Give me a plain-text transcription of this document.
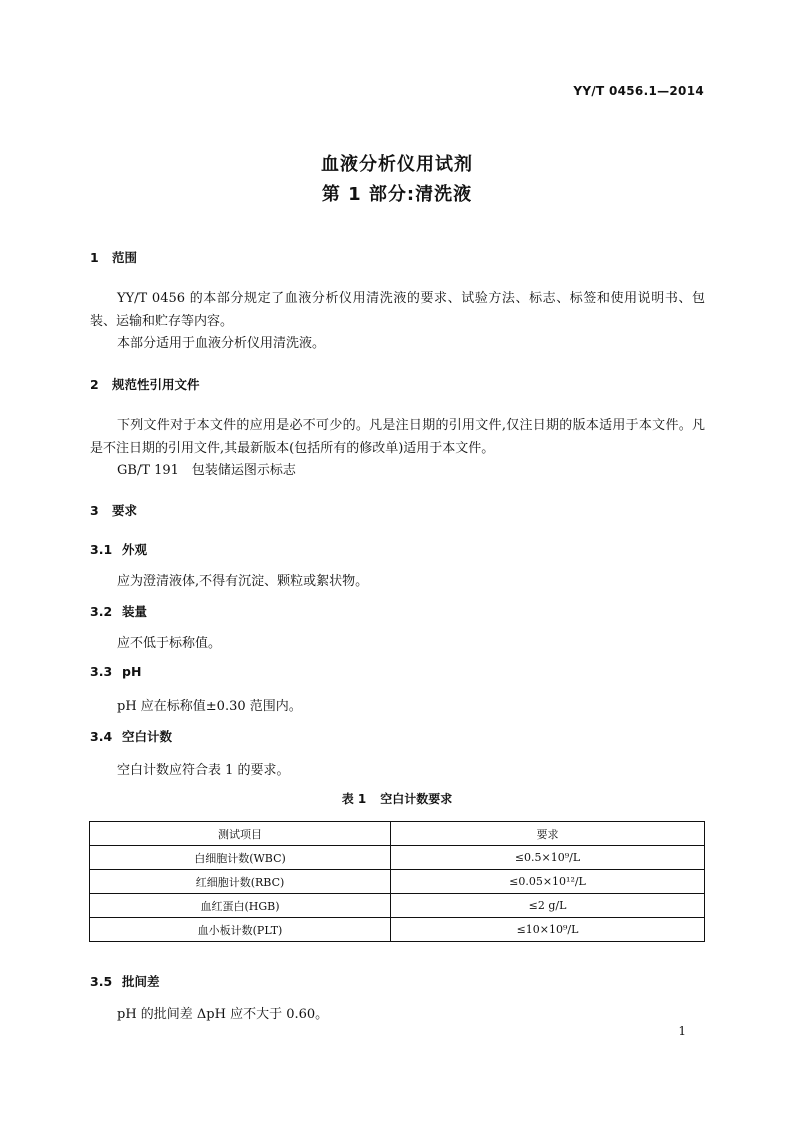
YY/T 0456.1—2014
血液分析仪用试剂
第 1 部分:清洗液
1 范围
YY/T 0456 的本部分规定了血液分析仪用清洗液的要求、试验方法、标志、标签和使用说明书、包装、运输和贮存等内容。
本部分适用于血液分析仪用清洗液。
2 规范性引用文件
下列文件对于本文件的应用是必不可少的。凡是注日期的引用文件,仅注日期的版本适用于本文件。凡是不注日期的引用文件,其最新版本(包括所有的修改单)适用于本文件。
GB/T 191　包装储运图示标志
3 要求
3.1 外观
应为澄清液体,不得有沉淀、颗粒或絮状物。
3.2 装量
应不低于标称值。
3.3 pH
pH 应在标称值±0.30 范围内。
3.4 空白计数
空白计数应符合表 1 的要求。
表 1 空白计数要求
测试项目	要求
白细胞计数(WBC)	≤0.5×10⁹/L
红细胞计数(RBC)	≤0.05×10¹²/L
血红蛋白(HGB)	≤2 g/L
血小板计数(PLT)	≤10×10⁹/L
3.5 批间差
pH 的批间差 ΔpH 应不大于 0.60。
1
